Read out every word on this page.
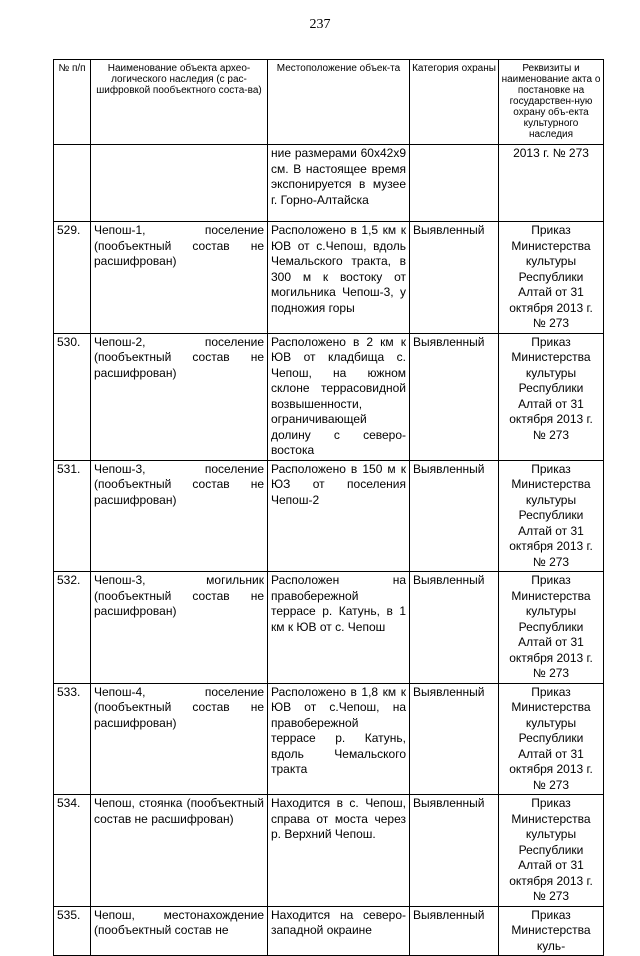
237
№ п/п	Наименование объекта архео-логического наследия (с рас-шифровкой пообъектного соста-ва)	Местоположение объек-та	Категория охраны	Реквизиты и наименование акта о постановке на государствен-ную охрану объ-екта культурного наследия
		ние размерами 60х42х9 см. В настоящее время экспонируется в музее г. Горно-Алтайска		2013 г. № 273
529.	Чепош-1, поселение (пообъектный состав не расшифрован)	Расположено в 1,5 км к ЮВ от с.Чепош, вдоль Чемальского тракта, в 300 м к востоку от могильника Чепош-3, у подножия горы	Выявленный	Приказ Министерства культуры Республики Алтай от 31 октября 2013 г. № 273
530.	Чепош-2, поселение (пообъектный состав не расшифрован)	Расположено в 2 км к ЮВ от кладбища с. Чепош, на южном склоне террасовидной возвышенности, ограничивающей долину с северо-востока	Выявленный	Приказ Министерства культуры Республики Алтай от 31 октября 2013 г. № 273
531.	Чепош-3, поселение (пообъектный состав не расшифрован)	Расположено в 150 м к ЮЗ от поселения Чепош-2	Выявленный	Приказ Министерства культуры Республики Алтай от 31 октября 2013 г. № 273
532.	Чепош-3, могильник (пообъектный состав не расшифрован)	Расположен на правобережной террасе р. Катунь, в 1 км к ЮВ от с. Чепош	Выявленный	Приказ Министерства культуры Республики Алтай от 31 октября 2013 г. № 273
533.	Чепош-4, поселение (пообъектный состав не расшифрован)	Расположено в 1,8 км к ЮВ от с.Чепош, на правобережной террасе р. Катунь, вдоль Чемальского тракта	Выявленный	Приказ Министерства культуры Республики Алтай от 31 октября 2013 г. № 273
534.	Чепош, стоянка (пообъектный состав не расшифрован)	Находится в с. Чепош, справа от моста через р. Верхний Чепош.	Выявленный	Приказ Министерства культуры Республики Алтай от 31 октября 2013 г. № 273
535.	Чепош, местонахождение (пообъектный состав не	Находится на северо-западной окраине	Выявленный	Приказ Министерства куль-
